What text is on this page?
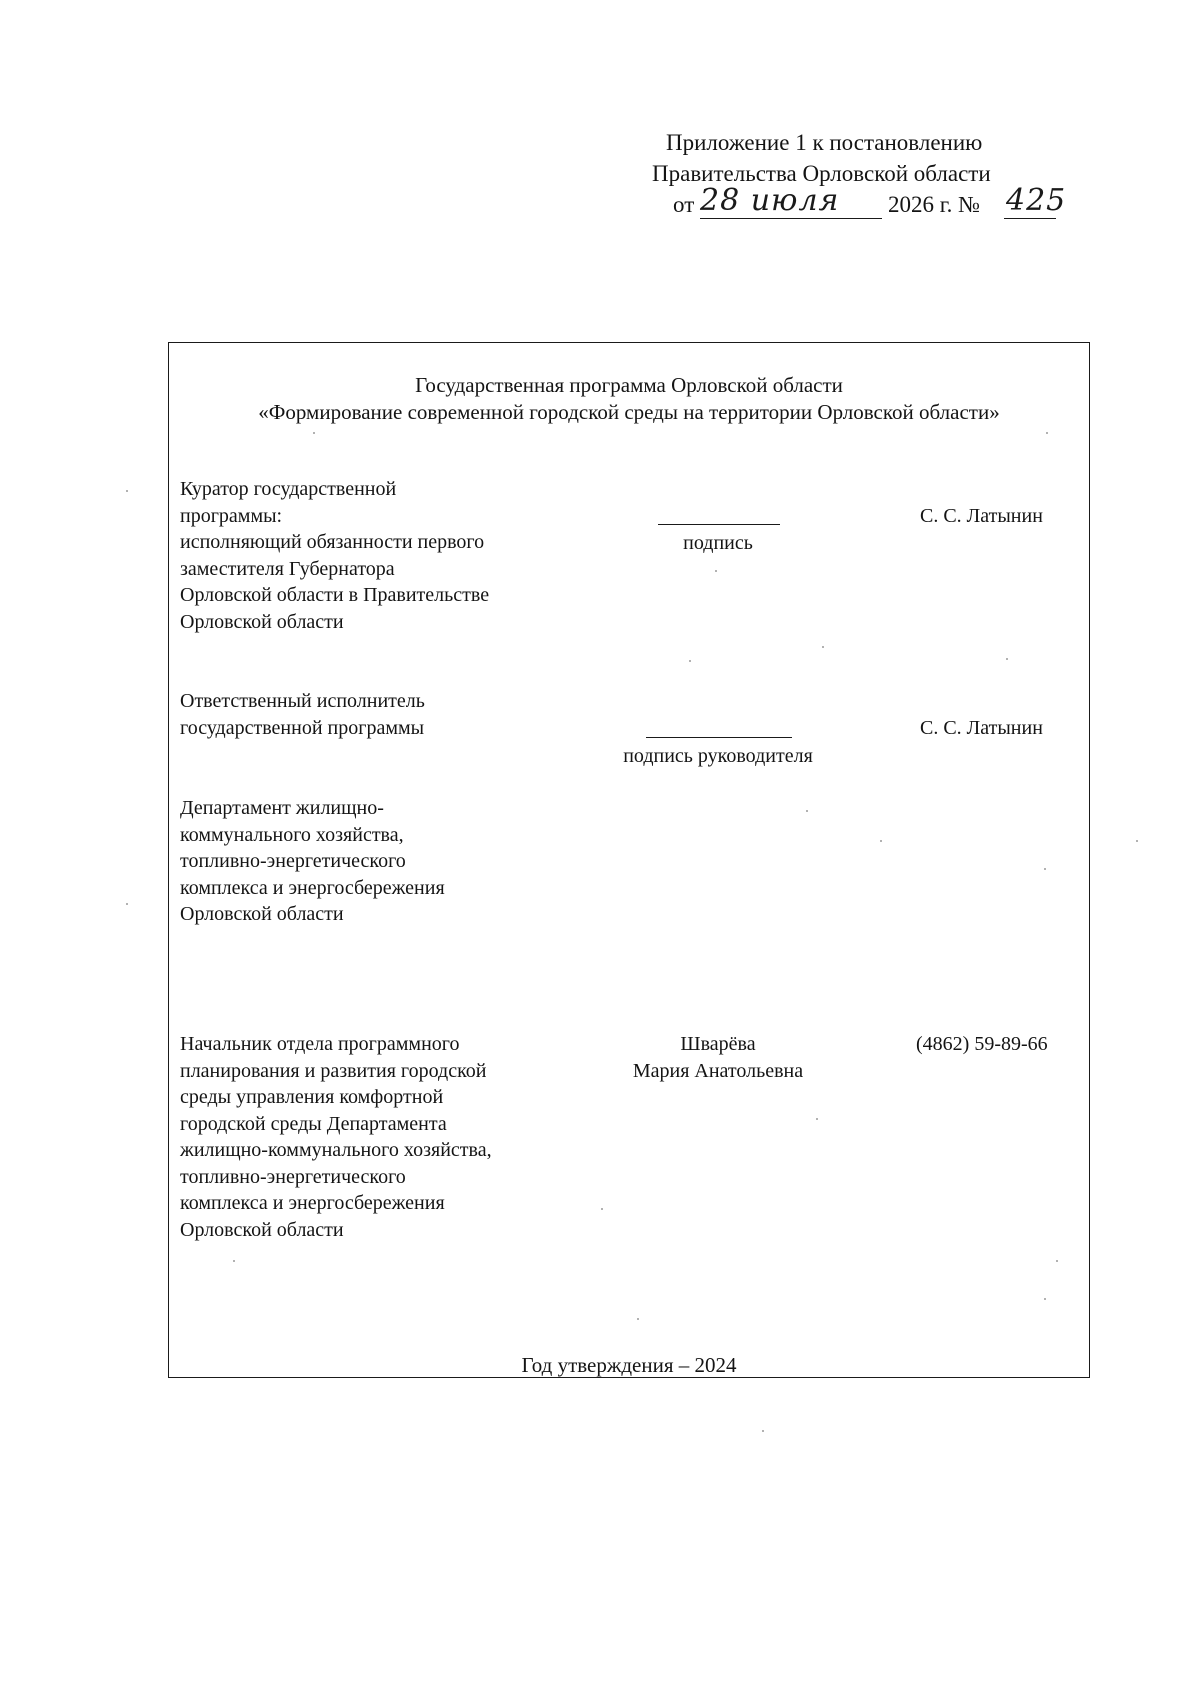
Приложение 1 к постановлению
Правительства Орловской области
от 28 июля 2026 г. № 425
Государственная программа Орловской области
«Формирование современной городской среды на территории Орловской области»
Куратор государственной
программы:
исполняющий обязанности первого
заместителя Губернатора
Орловской области в Правительстве
Орловской области
подпись
С. С. Латынин
Ответственный исполнитель
государственной программы
подпись руководителя
С. С. Латынин
Департамент жилищно-
коммунального хозяйства,
топливно-энергетического
комплекса и энергосбережения
Орловской области
Начальник отдела программного
планирования и развития городской
среды управления комфортной
городской среды Департамента
жилищно-коммунального хозяйства,
топливно-энергетического
комплекса и энергосбережения
Орловской области
Шварёва
Мария Анатольевна
(4862) 59-89-66
Год утверждения – 2024
